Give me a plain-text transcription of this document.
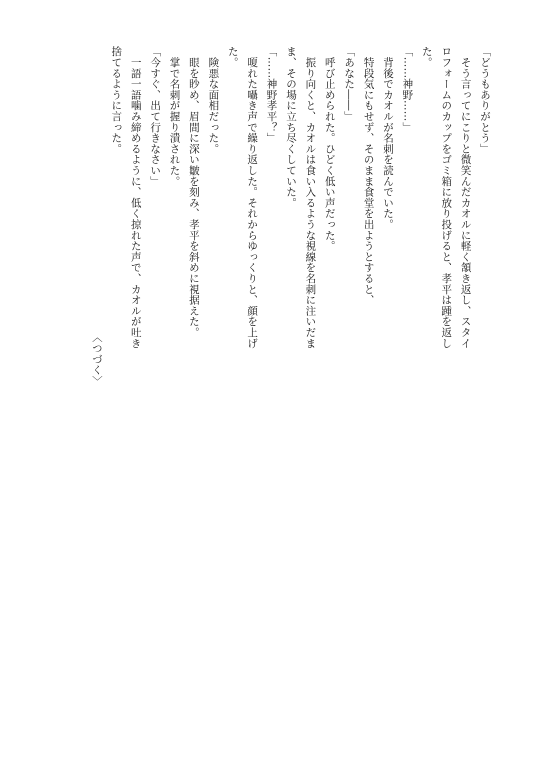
「どうもありがとう」
　そう言ってにこりと微笑んだカオルに軽く頷き返し、スタイ
ロフォームのカップをゴミ箱に放り投げると、孝平は踵を返し
た。
「……神野……」
　背後でカオルが名刺を読んでいた。
　特段気にもせず、そのまま食堂を出ようとすると、
「あなた――」
　呼び止められた。ひどく低い声だった。
　振り向くと、カオルは食い入るような視線を名刺に注いだま
ま、その場に立ち尽くしていた。
「……神野孝平？」
　嗄れた囁き声で繰り返した。それからゆっくりと、顔を上げ
た。
　険悪な面相だった。
　眼を眇め、眉間に深い皺を刻み、孝平を斜めに視据えた。
　掌で名刺が握り潰された。
「今すぐ、出て行きなさい」
　一語一語噛み締めるように、低く掠れた声で、カオルが吐き
捨てるように言った。
〈つづく〉
